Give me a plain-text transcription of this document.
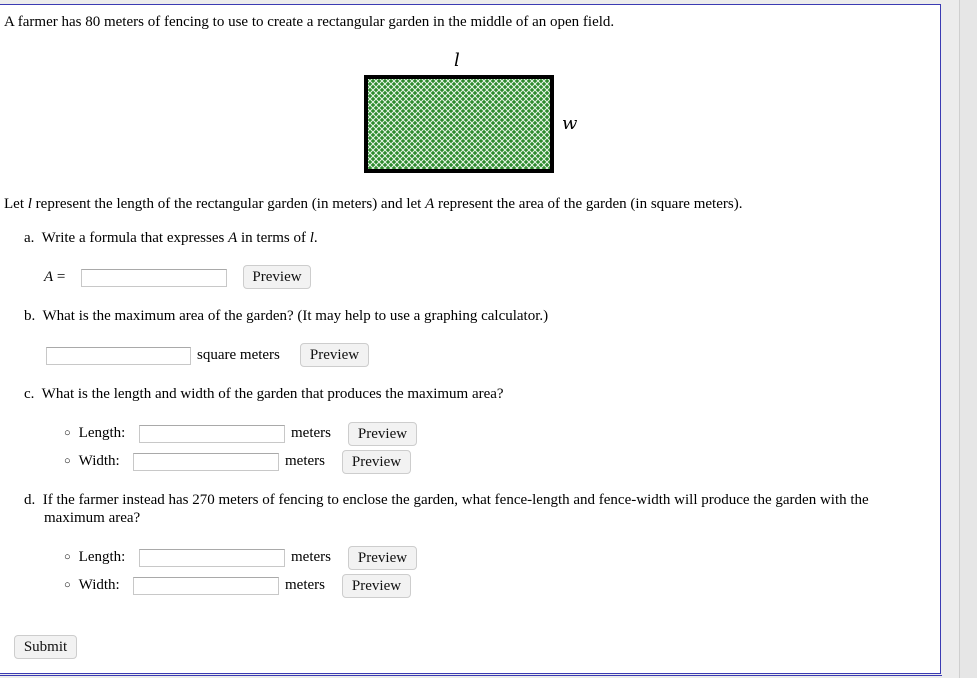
A farmer has 80 meters of fencing to use to create a rectangular garden in the middle of an open field.
l
w
Let l represent the length of the rectangular garden (in meters) and let A represent the area of the garden (in square meters).
a. Write a formula that expresses A in terms of l.
A =	Preview
b. What is the maximum area of the garden? (It may help to use a graphing calculator.)
square meters	Preview
c. What is the length and width of the garden that produces the maximum area?
○ Length:	meters	Preview
○ Width:	meters	Preview
d. If the farmer instead has 270 meters of fencing to enclose the garden, what fence-length and fence-width will produce the garden with the
maximum area?
○ Length:	meters	Preview
○ Width:	meters	Preview
Submit
